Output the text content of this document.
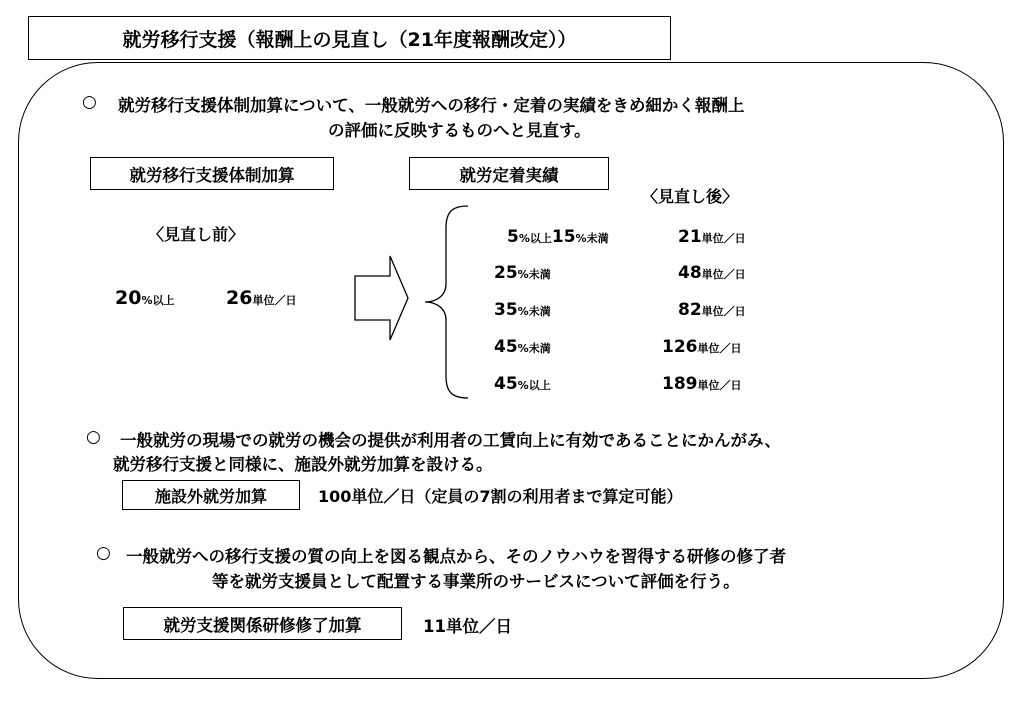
就労移行支援（報酬上の見直し（21年度報酬改定））
○ 就労移行支援体制加算について、一般就労への移行・定着の実績をきめ細かく報酬上
の評価に反映するものへと見直す。
就労移行支援体制加算	就労定着実績
〈見直し後〉
〈見直し前〉
20%以上	26単位／日
5%以上15%未満	21単位／日
25%未満	48単位／日
35%未満	82単位／日
45%未満	126単位／日
45%以上	189単位／日
○ 一般就労の現場での就労の機会の提供が利用者の工賃向上に有効であることにかんがみ、
就労移行支援と同様に、施設外就労加算を設ける。
施設外就労加算	100単位／日（定員の7割の利用者まで算定可能）
○ 一般就労への移行支援の質の向上を図る観点から、そのノウハウを習得する研修の修了者
等を就労支援員として配置する事業所のサービスについて評価を行う。
就労支援関係研修修了加算	11単位／日
